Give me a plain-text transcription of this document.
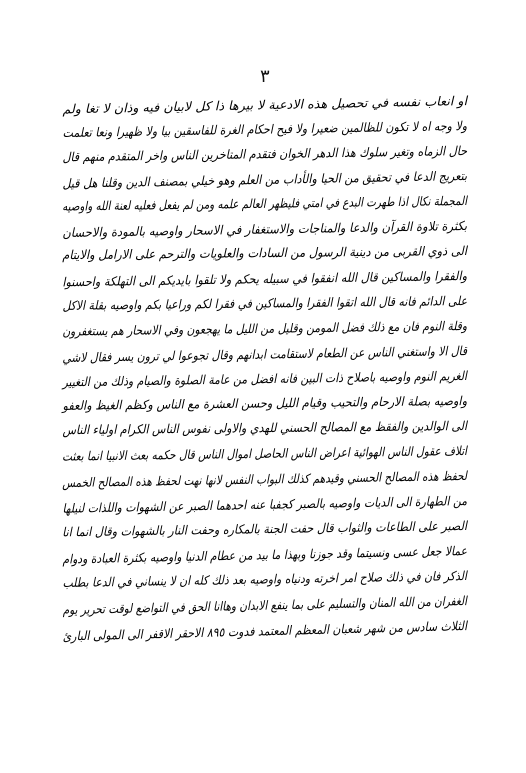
٣
او انعاب نفسه في تحصيل هذه الادعية لا بيرها ذا كل لابيان فيه وذان لا تغا ولم
ولا وجه اه لا تكون للظالمين ضعيرا ولا فيح احكام الغرة للفاسقين بيا ولا ظهيرا ونعا تعلمت
حال الزماه وتغير سلوك هذا الدهر الخوان فتقدم المتاخرين الناس واخر المتقدم منهم قال
بتعريج الدعا في تحقيق من الحيا والأداب من العلم وهو خيلي بمصنف الدين وقلنا هل قيل
المجملة نكال اذا طهرت البدع في امتي فليظهر العالم علمه ومن لم يفعل فعليه لعنة الله واوصيه
بكثرة تلاوة القرآن والدعا والمناجات والاستغفار في الاسحار واوصيه بالمودة والاحسان
الى ذوي القربى من دينية الرسول من السادات والعلويات والترحم على الارامل والايتام
والفقرا والمساكين قال الله انفقوا في سبيله يحكم ولا تلقوا بايديكم الى التهلكة واحسنوا
على الدائم فانه قال الله اتقوا الفقرا والمساكين في فقرا لكم وراعيا بكم واوصيه بقلة الاكل
وقلة النوم فان مع ذلك فضل المومن وقليل من الليل ما يهجعون وفي الاسحار هم يستغفرون
قال الا واستغني الناس عن الطعام لاستقامت ابدانهم وقال تجوعوا لي ترون يسر فقال لاشي
الغريم النوم واوصيه باصلاح ذات البين فانه افضل من عامة الصلوة والصيام وذلك من التغيير
واوصيه بصلة الارحام والتحيب وقيام الليل وحسن العشرة مع الناس وكظم الغيظ والعفو
الى الوالدين والفقظ مع المصالح الحسني للهدي والاولى نفوس الناس الكرام اولياء الناس
اتلاف عقول الناس الهوائية اعراض الناس الحاصل اموال الناس قال حكمه بعث الانبيا انما بعثت
لحفظ هذه المصالح الحسني وقيدهم كذلك البواب النفس لانها نهت لحفظ هذه المصالح الخمس
من الطهارة الى الديات واوصيه بالصبر كجفبا عنه احدهما الصبر عن الشهوات واللذات لنيلها
الصبر على الطاعات والثواب قال حفت الجنة بالمكاره وحفت النار بالشهوات وقال انما انا
عمالا جعل عسى ونسيتما وقد جوزنا وبهذا ما بيد من عطام الدنيا واوصيه بكثرة العبادة ودوام
الذكر فان في ذلك صلاح امر اخرته ودنياه واوصيه بعد ذلك كله ان لا ينساني في الدعا بطلب
الغفران من الله المنان والتسليم على بما ينفع الابدان وهاانا الحق في التواضع لوقت تحرير يوم
الثلاث سادس من شهر شعبان المعظم المعتمد فدوت ٨٩٥ الاحقر الاقفر الى المولى البارئ
